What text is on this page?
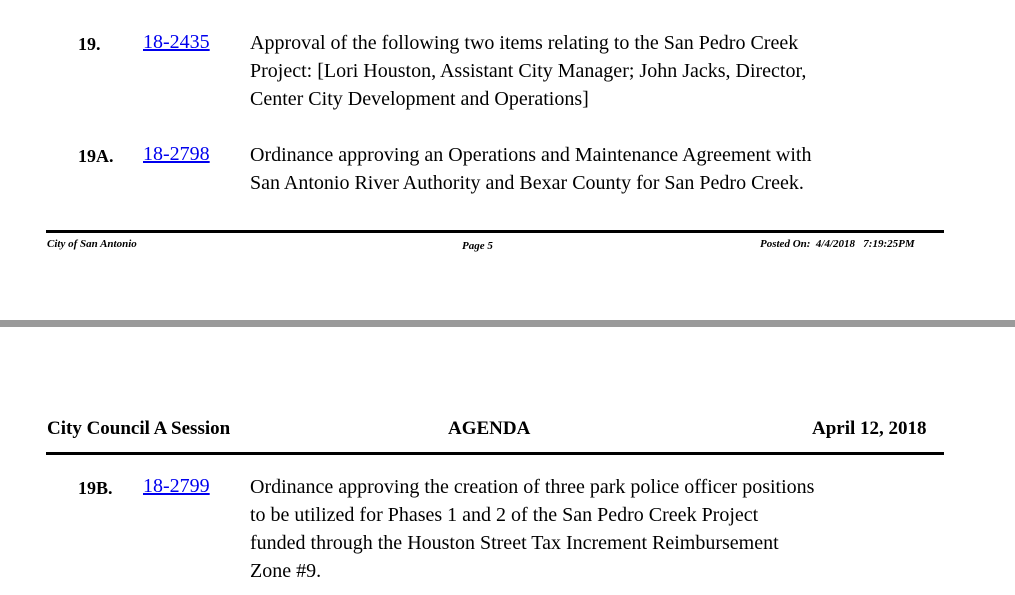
19. 18-2435 Approval of the following two items relating to the San Pedro Creek
Project: [Lori Houston, Assistant City Manager; John Jacks, Director,
Center City Development and Operations]
19A. 18-2798 Ordinance approving an Operations and Maintenance Agreement with
San Antonio River Authority and Bexar County for San Pedro Creek.
City of San Antonio	Page 5	Posted On: 4/4/2018 7:19:25PM
City Council A Session	AGENDA	April 12, 2018
19B. 18-2799 Ordinance approving the creation of three park police officer positions
to be utilized for Phases 1 and 2 of the San Pedro Creek Project
funded through the Houston Street Tax Increment Reimbursement
Zone #9.
